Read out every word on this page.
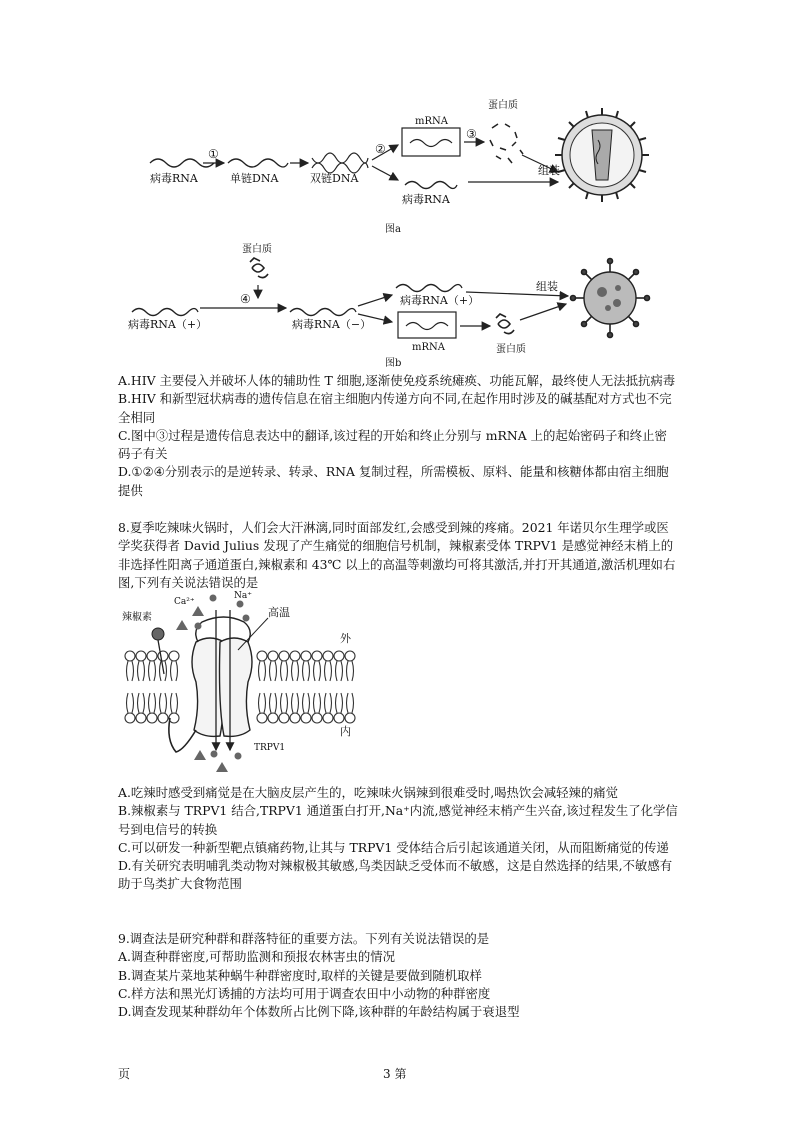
病毒RNA	单链DNA	双链DNA
①	②
③
mRNA
蛋白质
病毒RNA
组装
图a
蛋白质
④
病毒RNA（+）	病毒RNA（−）
病毒RNA（+）
mRNA	蛋白质
组装
图b

A.HIV 主要侵入并破坏人体的辅助性 T 细胞,逐渐使免疫系统瘫痪、功能瓦解，最终使人无法抵抗病毒

B.HIV 和新型冠状病毒的遗传信息在宿主细胞内传递方向不同,在起作用时涉及的碱基配对方式也不完全相同

C.图中③过程是遗传信息表达中的翻译,该过程的开始和终止分别与 mRNA 上的起始密码子和终止密码子有关

D.①②④分别表示的是逆转录、转录、RNA 复制过程，所需模板、原料、能量和核糖体都由宿主细胞提供

8.夏季吃辣味火锅时，人们会大汗淋漓,同时面部发红,会感受到辣的疼痛。2021 年诺贝尔生理学或医学奖获得者 David Julius 发现了产生痛觉的细胞信号机制，辣椒素受体 TRPV1 是感觉神经末梢上的非选择性阳离子通道蛋白,辣椒素和 43℃ 以上的高温等刺激均可将其激活,并打开其通道,激活机理如右图,下列有关说法错误的是

Ca²⁺
Na⁺
辣椒素	高温
外
内
TRPV1

A.吃辣时感受到痛觉是在大脑皮层产生的，吃辣味火锅辣到很难受时,喝热饮会减轻辣的痛觉

B.辣椒素与 TRPV1 结合,TRPV1 通道蛋白打开,Na⁺内流,感觉神经末梢产生兴奋,该过程发生了化学信号到电信号的转换

C.可以研发一种新型靶点镇痛药物,让其与 TRPV1 受体结合后引起该通道关闭，从而阻断痛觉的传递

D.有关研究表明哺乳类动物对辣椒极其敏感,鸟类因缺乏受体而不敏感，这是自然选择的结果,不敏感有助于鸟类扩大食物范围

9.调查法是研究种群和群落特征的重要方法。下列有关说法错误的是

A.调查种群密度,可帮助监测和预报农林害虫的情况

B.调查某片菜地某种蜗牛种群密度时,取样的关键是要做到随机取样

C.样方法和黑光灯诱捕的方法均可用于调查农田中小动物的种群密度

D.调查发现某种群幼年个体数所占比例下降,该种群的年龄结构属于衰退型

页	3 第
